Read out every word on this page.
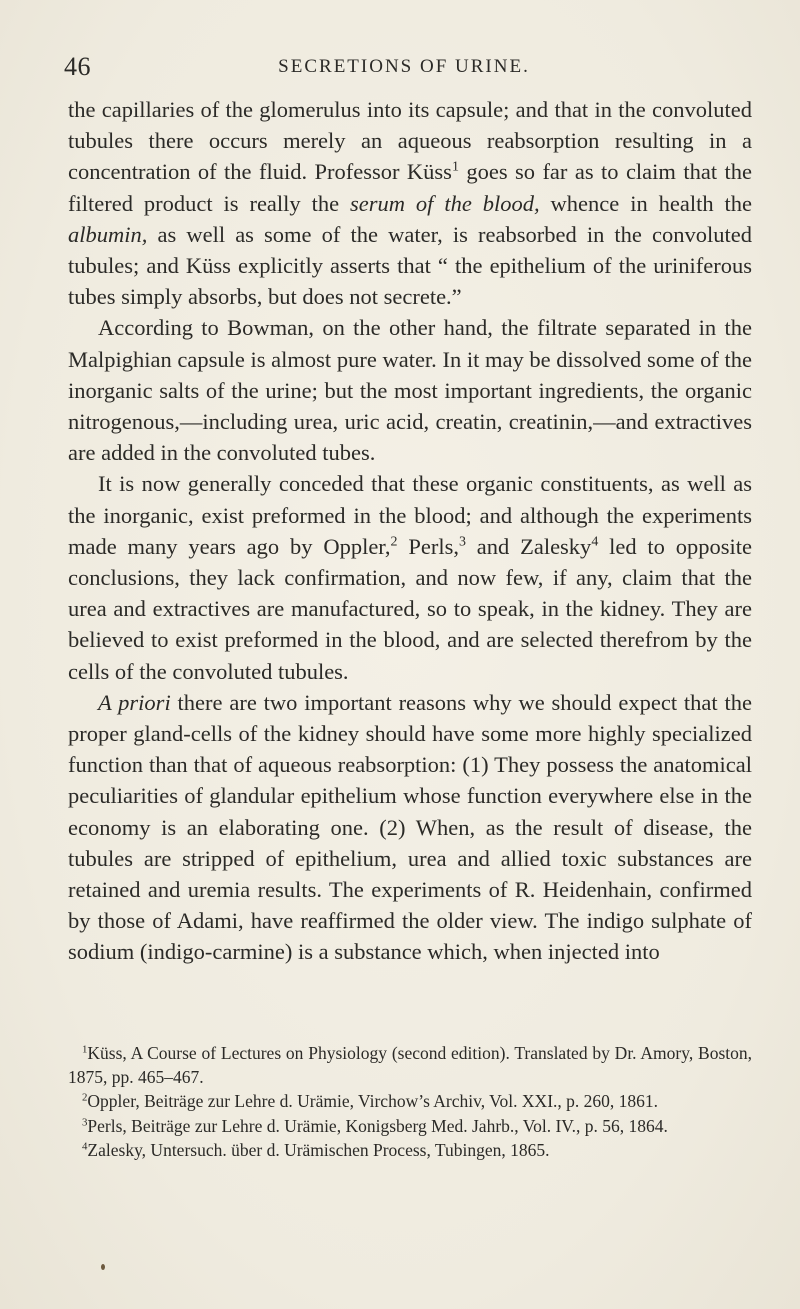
46	SECRETIONS OF URINE.

the capillaries of the glomerulus into its capsule; and that in the convoluted tubules there occurs merely an aqueous reabsorption resulting in a concentration of the fluid. Professor Küss$^1$ goes so far as to claim that the filtered product is really the serum of the blood, whence in health the albumin, as well as some of the water, is reabsorbed in the convoluted tubules; and Küss explicitly asserts that “ the epithelium of the uriniferous tubes simply absorbs, but does not secrete.”

According to Bowman, on the other hand, the filtrate separated in the Malpighian capsule is almost pure water. In it may be dissolved some of the inorganic salts of the urine; but the most important ingredients, the organic nitrogenous,—including urea, uric acid, creatin, creatinin,—and extractives are added in the convoluted tubes.

It is now generally conceded that these organic constituents, as well as the inorganic, exist preformed in the blood; and although the experiments made many years ago by Oppler,$^2$ Perls,$^3$ and Zalesky$^4$ led to opposite conclusions, they lack confirmation, and now few, if any, claim that the urea and extractives are manufactured, so to speak, in the kidney. They are believed to exist preformed in the blood, and are selected therefrom by the cells of the convoluted tubules.

A priori there are two important reasons why we should expect that the proper gland-cells of the kidney should have some more highly specialized function than that of aqueous reabsorption: (1) They possess the anatomical peculiarities of glandular epithelium whose function everywhere else in the economy is an elaborating one. (2) When, as the result of disease, the tubules are stripped of epithelium, urea and allied toxic substances are retained and uremia results. The experiments of R. Heidenhain, confirmed by those of Adami, have reaffirmed the older view. The indigo sulphate of sodium (indigo-carmine) is a substance which, when injected into

$^1$Küss, A Course of Lectures on Physiology (second edition). Translated by Dr. Amory, Boston, 1875, pp. 465–467.

$^2$Oppler, Beiträge zur Lehre d. Urämie, Virchow’s Archiv, Vol. XXI., p. 260, 1861.

$^3$Perls, Beiträge zur Lehre d. Urämie, Konigsberg Med. Jahrb., Vol. IV., p. 56, 1864.

$^4$Zalesky, Untersuch. über d. Urämischen Process, Tubingen, 1865.
